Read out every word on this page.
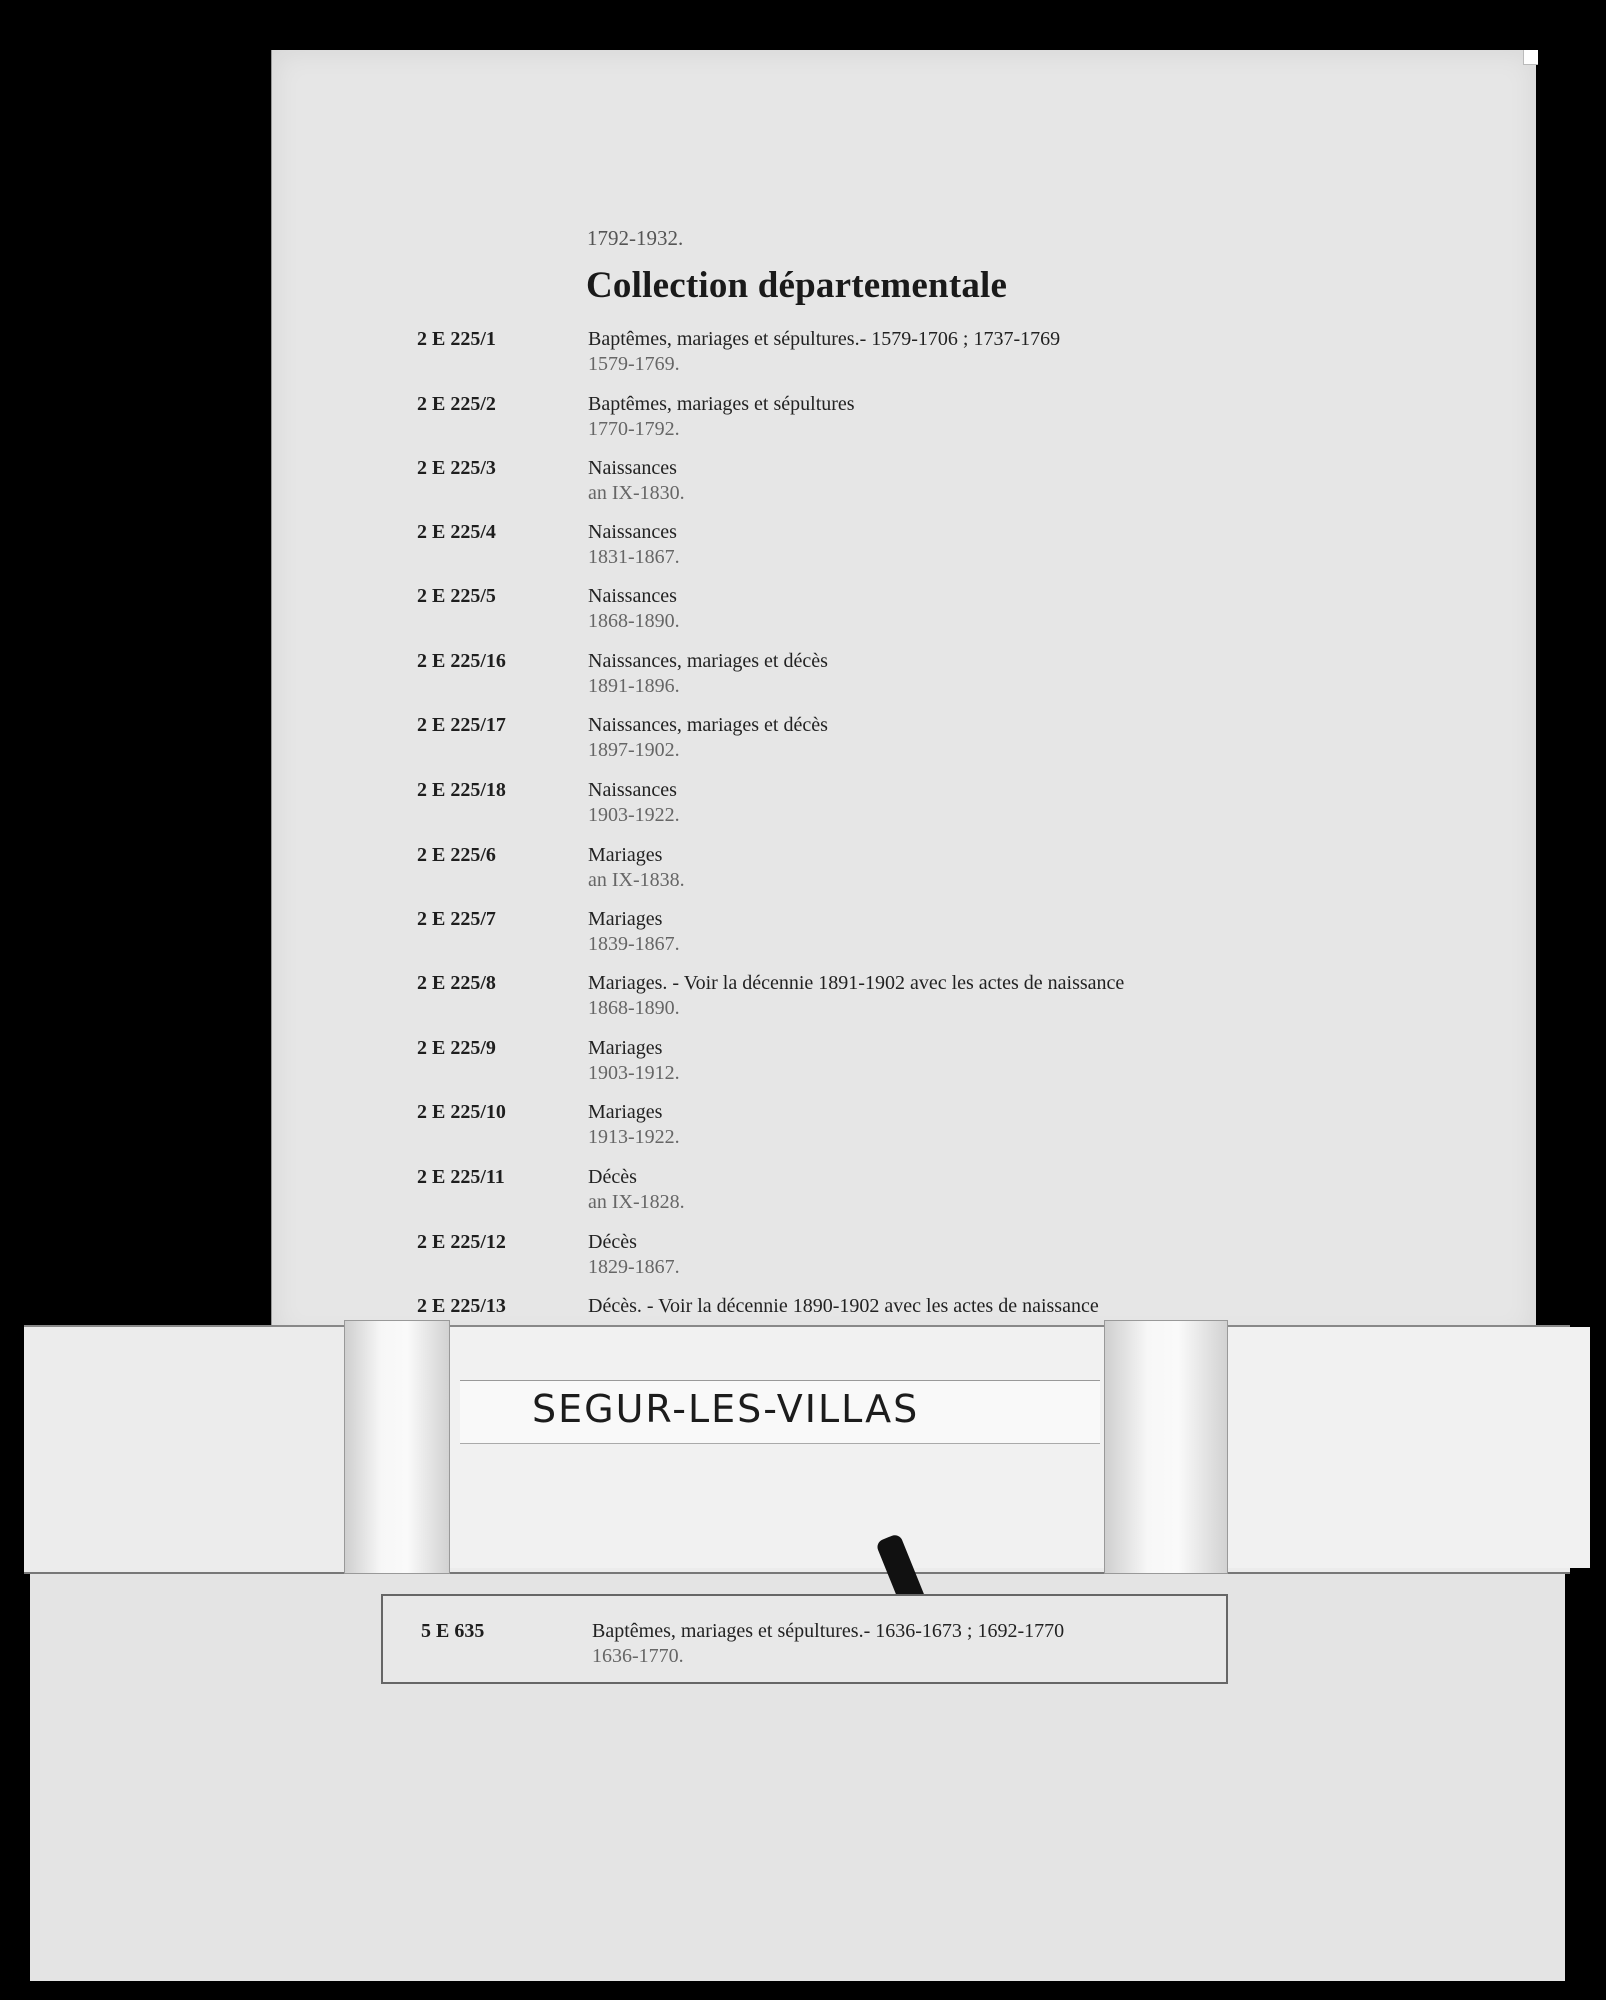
1792-1932.
Collection départementale
2 E 225/1	Baptêmes, mariages et sépultures.- 1579-1706 ; 1737-1769
1579-1769.
2 E 225/2	Baptêmes, mariages et sépultures
1770-1792.
2 E 225/3	Naissances
an IX-1830.
2 E 225/4	Naissances
1831-1867.
2 E 225/5	Naissances
1868-1890.
2 E 225/16	Naissances, mariages et décès
1891-1896.
2 E 225/17	Naissances, mariages et décès
1897-1902.
2 E 225/18	Naissances
1903-1922.
2 E 225/6	Mariages
an IX-1838.
2 E 225/7	Mariages
1839-1867.
2 E 225/8	Mariages. - Voir la décennie 1891-1902 avec les actes de naissance
1868-1890.
2 E 225/9	Mariages
1903-1912.
2 E 225/10	Mariages
1913-1922.
2 E 225/11	Décès
an IX-1828.
2 E 225/12	Décès
1829-1867.
2 E 225/13	Décès. - Voir la décennie 1890-1902 avec les actes de naissance
SEGUR-LES-VILLAS
5 E 635	Baptêmes, mariages et sépultures.- 1636-1673 ; 1692-1770
1636-1770.
